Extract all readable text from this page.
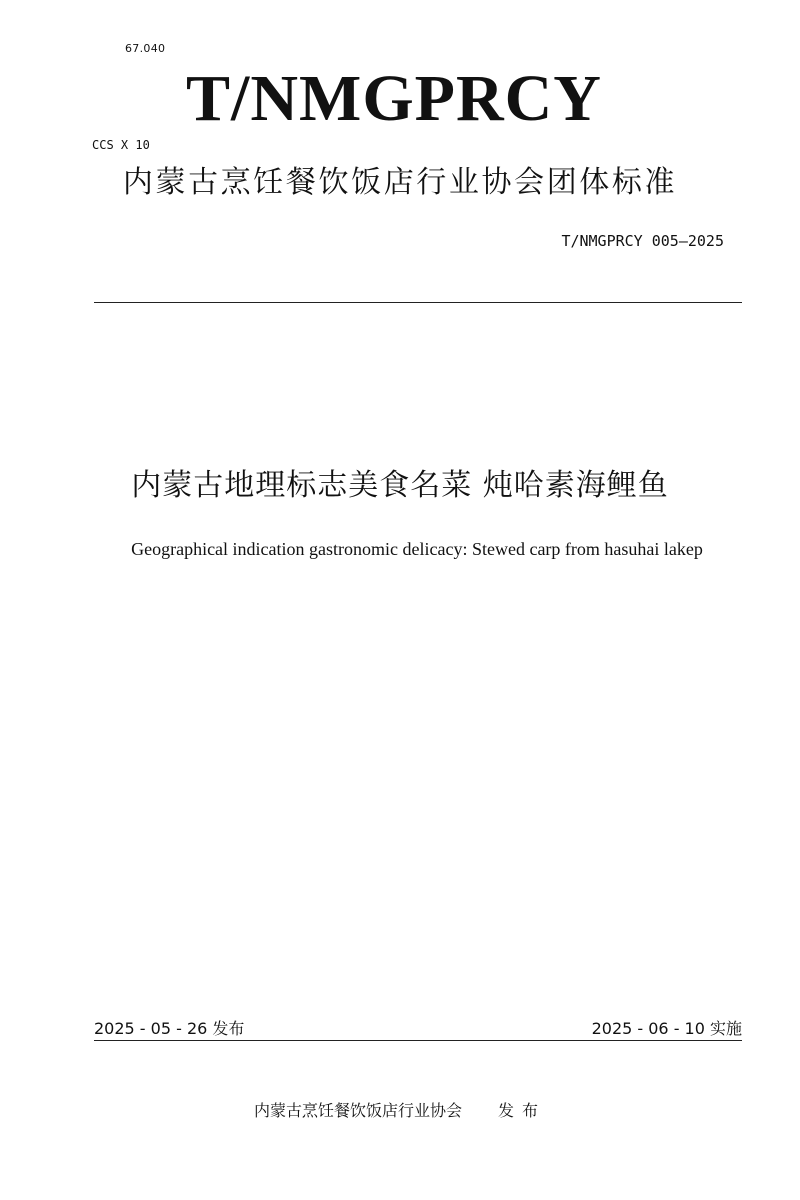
67.040
T/NMGPRCY
CCS X 10
内蒙古烹饪餐饮饭店行业协会团体标准
T/NMGPRCY 005—2025
内蒙古地理标志美食名菜 炖哈素海鲤鱼
Geographical indication gastronomic delicacy: Stewed carp from hasuhai lakep
2025 - 05 - 26 发布	2025 - 06 - 10 实施
内蒙古烹饪餐饮饭店行业协会 发布
